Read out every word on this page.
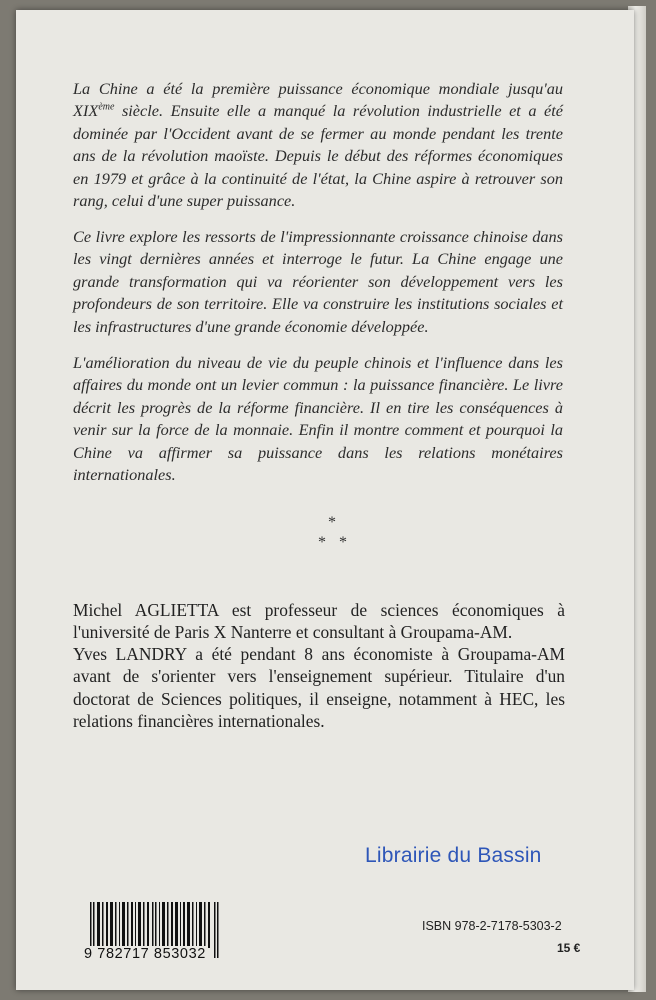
La Chine a été la première puissance économique mondiale jusqu'au XIXème siècle. Ensuite elle a manqué la révolution industrielle et a été dominée par l'Occident avant de se fermer au monde pendant les trente ans de la révolution maoïste. Depuis le début des réformes économiques en 1979 et grâce à la continuité de l'état, la Chine aspire à retrouver son rang, celui d'une super puissance.

Ce livre explore les ressorts de l'impressionnante croissance chinoise dans les vingt dernières années et interroge le futur. La Chine engage une grande transformation qui va réorienter son développement vers les profondeurs de son territoire. Elle va construire les institutions sociales et les infrastructures d'une grande économie développée.

L'amélioration du niveau de vie du peuple chinois et l'influence dans les affaires du monde ont un levier commun : la puissance financière. Le livre décrit les progrès de la réforme financière. Il en tire les conséquences à venir sur la force de la monnaie. Enfin il montre comment et pourquoi la Chine va affirmer sa puissance dans les relations monétaires internationales.

*
* *

Michel AGLIETTA est professeur de sciences économiques à l'université de Paris X Nanterre et consultant à Groupama-AM.

Yves LANDRY a été pendant 8 ans économiste à Groupama-AM avant de s'orienter vers l'enseignement supérieur. Titulaire d'un doctorat de Sciences politiques, il enseigne, notamment à HEC, les relations financières internationales.

Librairie du Bassin
9 782717 853032
ISBN 978-2-7178-5303-2
15 €
